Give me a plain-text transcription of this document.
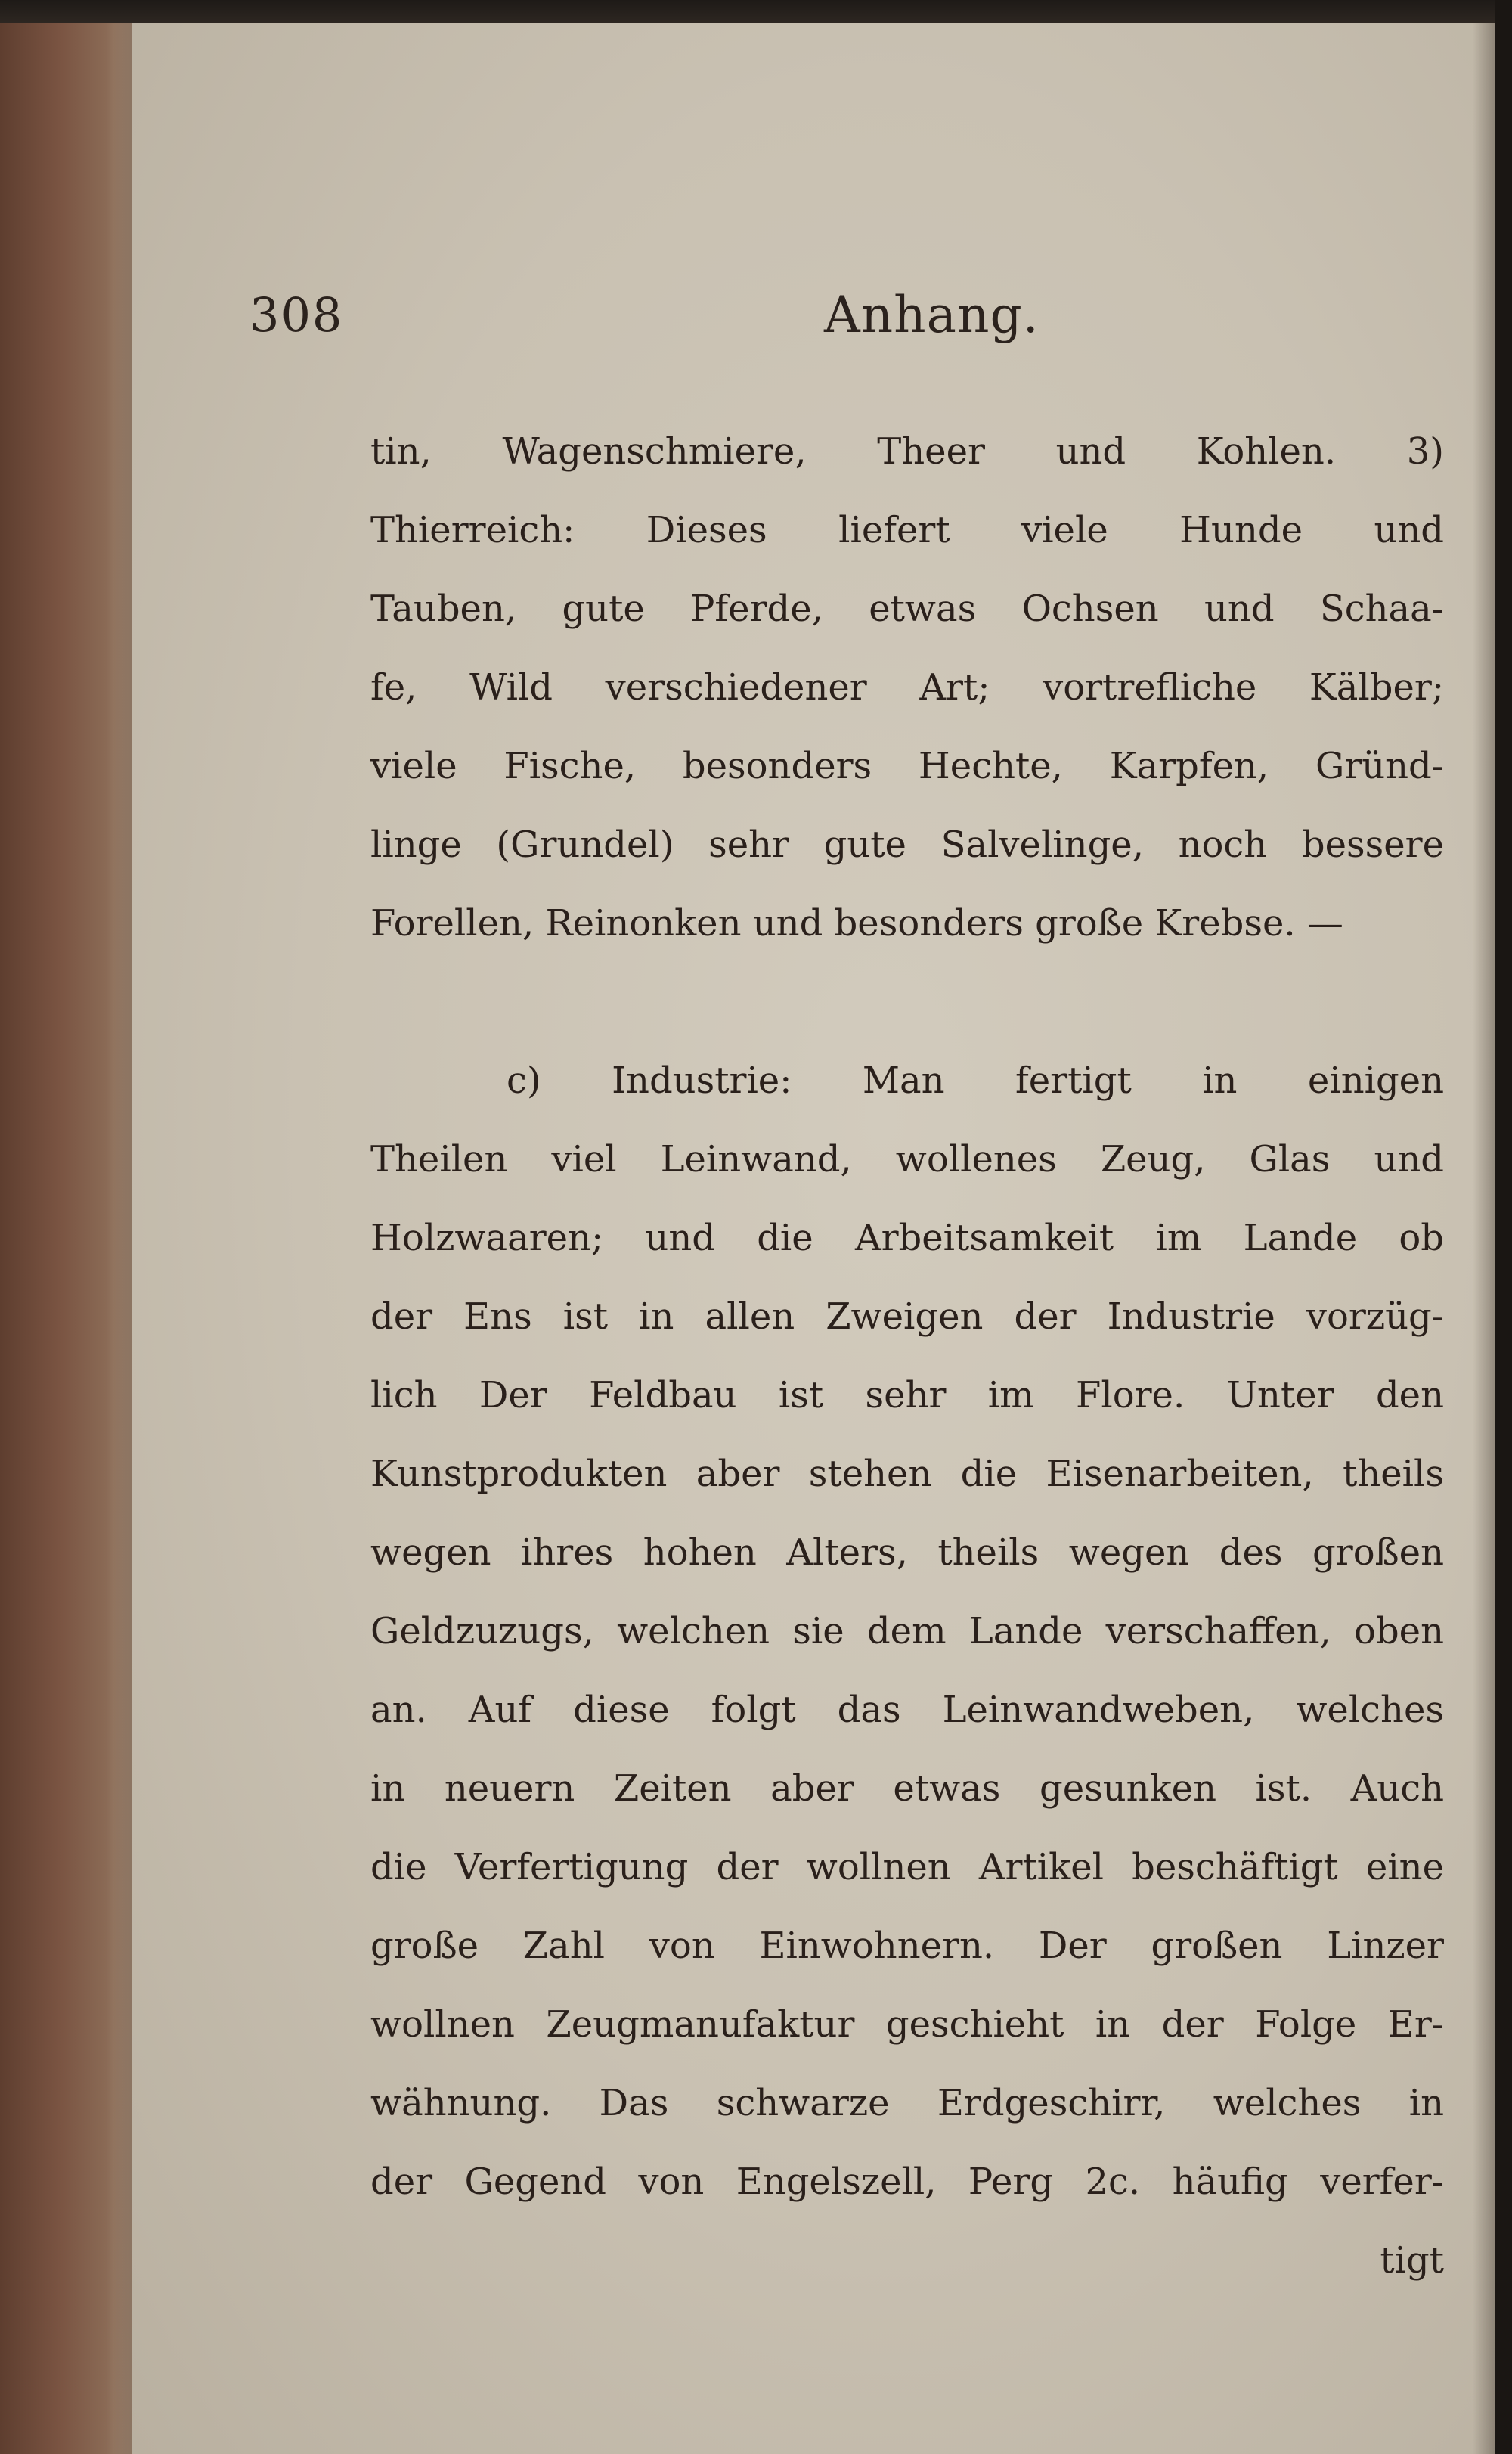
308	Anhang.
tin, Wagenschmiere, Theer und Kohlen. 3)
Thierreich: Dieses liefert viele Hunde und
Tauben, gute Pferde, etwas Ochsen und Schaa-
fe, Wild verschiedener Art; vortrefliche Kälber;
viele Fische, besonders Hechte, Karpfen, Gründ-
linge (Grundel) sehr gute Salvelinge, noch bessere
Forellen, Reinonken und besonders große Krebse. —
c) Industrie: Man fertigt in einigen
Theilen viel Leinwand, wollenes Zeug, Glas und
Holzwaaren; und die Arbeitsamkeit im Lande ob
der Ens ist in allen Zweigen der Industrie vorzüg-
lich Der Feldbau ist sehr im Flore. Unter den
Kunstprodukten aber stehen die Eisenarbeiten, theils
wegen ihres hohen Alters, theils wegen des großen
Geldzuzugs, welchen sie dem Lande verschaffen, oben
an. Auf diese folgt das Leinwandweben, welches
in neuern Zeiten aber etwas gesunken ist. Auch
die Verfertigung der wollnen Artikel beschäftigt eine
große Zahl von Einwohnern. Der großen Linzer
wollnen Zeugmanufaktur geschieht in der Folge Er-
wähnung. Das schwarze Erdgeschirr, welches in
der Gegend von Engelszell, Perg 2c. häufig verfer-
tigt
